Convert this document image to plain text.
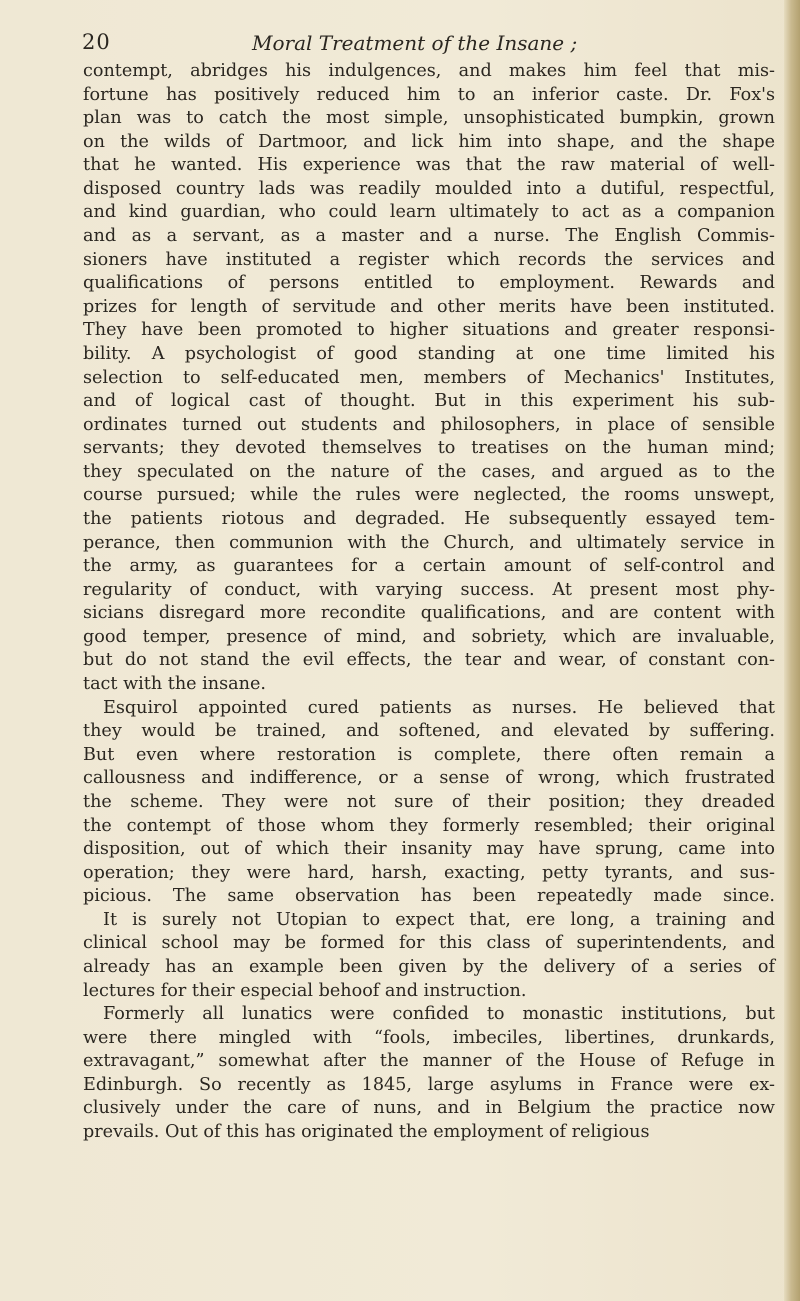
20	Moral Treatment of the Insane ;
contempt, abridges his indulgences, and makes him feel that mis-
fortune has positively reduced him to an inferior caste. Dr. Fox's
plan was to catch the most simple, unsophisticated bumpkin, grown
on the wilds of Dartmoor, and lick him into shape, and the shape
that he wanted. His experience was that the raw material of well-
disposed country lads was readily moulded into a dutiful, respectful,
and kind guardian, who could learn ultimately to act as a companion
and as a servant, as a master and a nurse. The English Commis-
sioners have instituted a register which records the services and
qualifications of persons entitled to employment. Rewards and
prizes for length of servitude and other merits have been instituted.
They have been promoted to higher situations and greater responsi-
bility. A psychologist of good standing at one time limited his
selection to self-educated men, members of Mechanics' Institutes,
and of logical cast of thought. But in this experiment his sub-
ordinates turned out students and philosophers, in place of sensible
servants; they devoted themselves to treatises on the human mind;
they speculated on the nature of the cases, and argued as to the
course pursued; while the rules were neglected, the rooms unswept,
the patients riotous and degraded. He subsequently essayed tem-
perance, then communion with the Church, and ultimately service in
the army, as guarantees for a certain amount of self-control and
regularity of conduct, with varying success. At present most phy-
sicians disregard more recondite qualifications, and are content with
good temper, presence of mind, and sobriety, which are invaluable,
but do not stand the evil effects, the tear and wear, of constant con-
tact with the insane.
Esquirol appointed cured patients as nurses. He believed that
they would be trained, and softened, and elevated by suffering.
But even where restoration is complete, there often remain a
callousness and indifference, or a sense of wrong, which frustrated
the scheme. They were not sure of their position; they dreaded
the contempt of those whom they formerly resembled; their original
disposition, out of which their insanity may have sprung, came into
operation; they were hard, harsh, exacting, petty tyrants, and sus-
picious. The same observation has been repeatedly made since.
It is surely not Utopian to expect that, ere long, a training and
clinical school may be formed for this class of superintendents, and
already has an example been given by the delivery of a series of
lectures for their especial behoof and instruction.
Formerly all lunatics were confided to monastic institutions, but
were there mingled with “fools, imbeciles, libertines, drunkards,
extravagant,” somewhat after the manner of the House of Refuge in
Edinburgh. So recently as 1845, large asylums in France were ex-
clusively under the care of nuns, and in Belgium the practice now
prevails. Out of this has originated the employment of religious
